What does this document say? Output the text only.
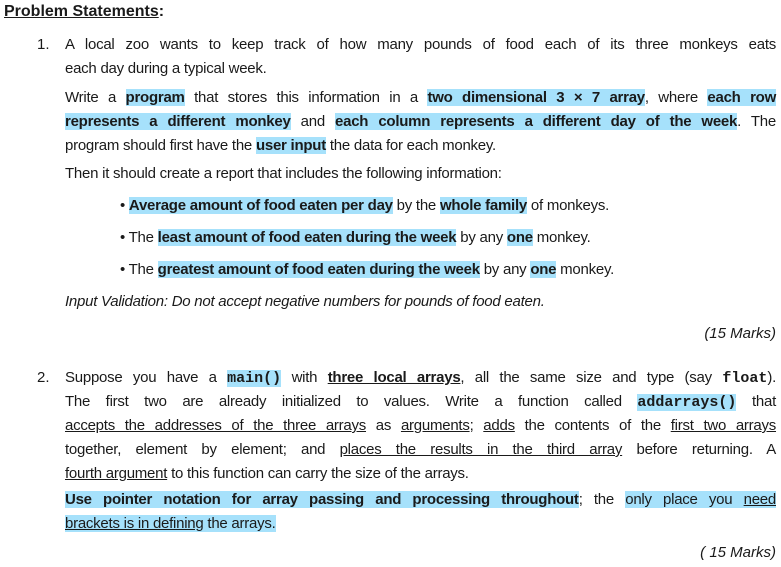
Problem Statements:
1. A local zoo wants to keep track of how many pounds of food each of its three monkeys eats
each day during a typical week.
Write a program that stores this information in a two dimensional 3 × 7 array, where each row
represents a different monkey and each column represents a different day of the week. The
program should first have the user input the data for each monkey.
Then it should create a report that includes the following information:
• Average amount of food eaten per day by the whole family of monkeys.
• The least amount of food eaten during the week by any one monkey.
• The greatest amount of food eaten during the week by any one monkey.
Input Validation: Do not accept negative numbers for pounds of food eaten.
(15 Marks)
2. Suppose you have a main() with three local arrays, all the same size and type (say float).
The first two are already initialized to values. Write a function called addarrays() that
accepts the addresses of the three arrays as arguments; adds the contents of the first two arrays
together, element by element; and places the results in the third array before returning. A
fourth argument to this function can carry the size of the arrays.
Use pointer notation for array passing and processing throughout; the only place you need
brackets is in defining the arrays.
( 15 Marks)
